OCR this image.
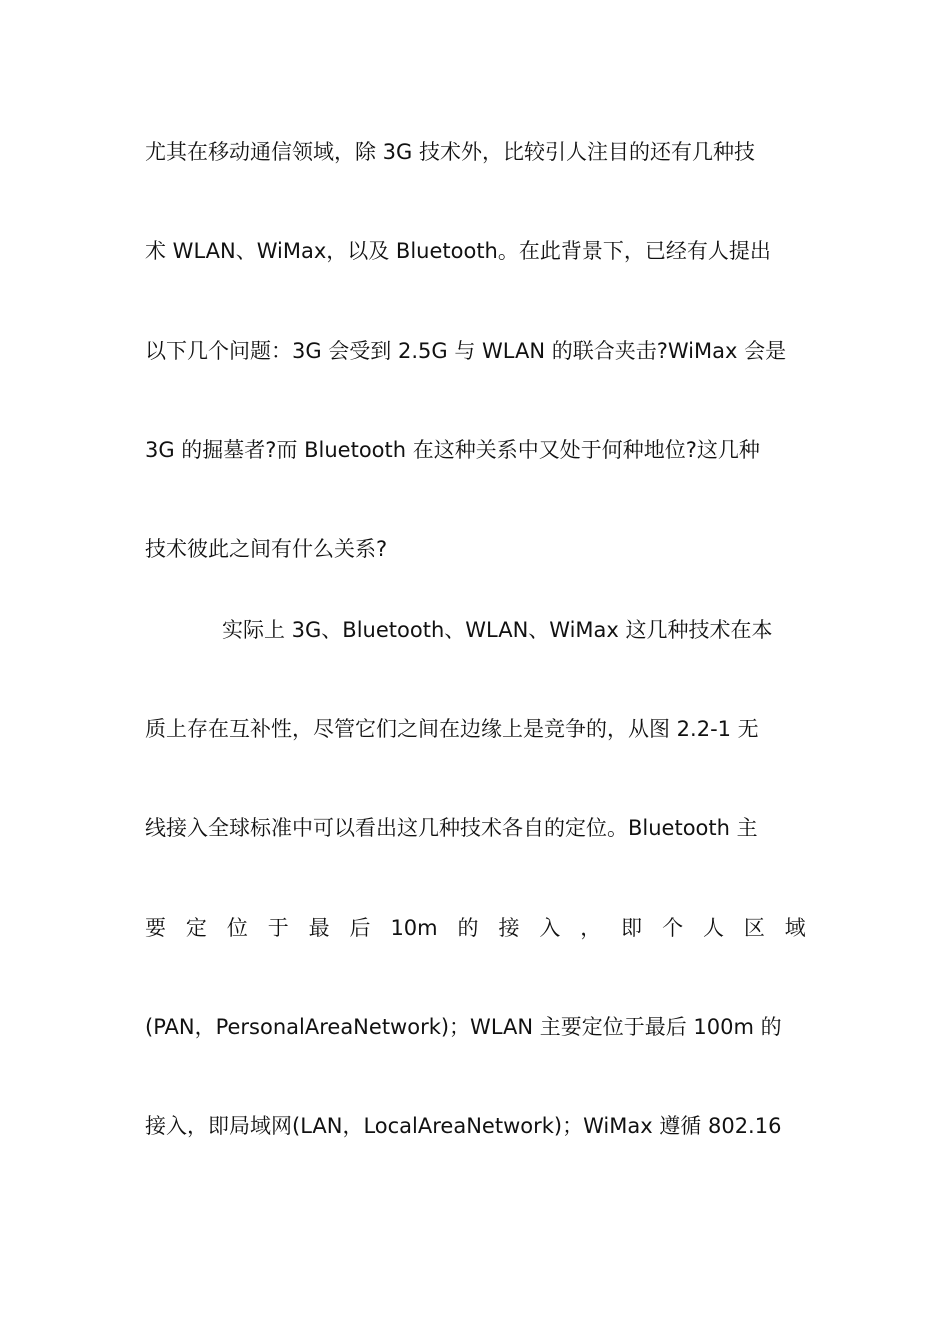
尤其在移动通信领域，除 3G 技术外，比较引人注目的还有几种技
术 WLAN、WiMax，以及 Bluetooth。在此背景下，已经有人提出
以下几个问题：3G 会受到 2.5G 与 WLAN 的联合夹击?WiMax 会是
3G 的掘墓者?而 Bluetooth 在这种关系中又处于何种地位?这几种
技术彼此之间有什么关系?
实际上 3G、Bluetooth、WLAN、WiMax 这几种技术在本
质上存在互补性，尽管它们之间在边缘上是竞争的，从图 2.2-1 无
线接入全球标准中可以看出这几种技术各自的定位。Bluetooth 主
要 定 位 于 最 后 10m 的 接 入 ， 即 个 人 区 域
(PAN，PersonalAreaNetwork)；WLAN 主要定位于最后 100m 的
接入，即局域网(LAN，LocalAreaNetwork)；WiMax 遵循 802.16
